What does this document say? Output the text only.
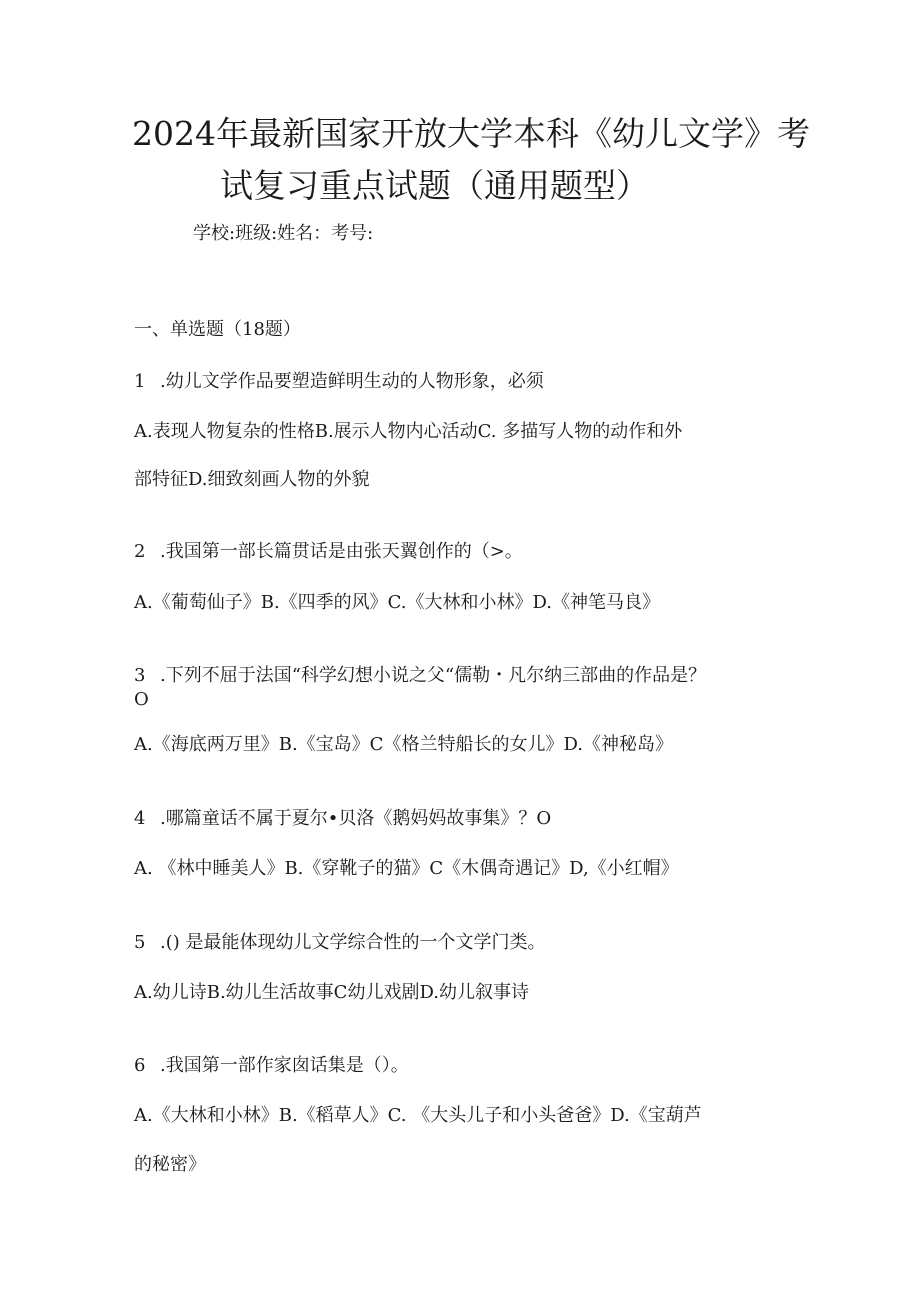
2024年最新国家开放大学本科《幼儿文学》考
试复习重点试题（通用题型）
学校:班级:姓名：考号:
一、单选题（18题）
1 .幼儿文学作品要塑造鲜明生动的人物形象，必须
A.表现人物复杂的性格B.展示人物内心活动C. 多描写人物的动作和外
部特征D.细致刻画人物的外貌
2 .我国第一部长篇贯话是由张天翼创作的（>。
A.《葡萄仙子》B.《四季的风》C.《大林和小林》D.《神笔马良》
3 .下列不屈于法国“科学幻想小说之父“儒勒・凡尔纳三部曲的作品是？
O
A.《海底两万里》B.《宝岛》C《格兰特船长的女儿》D.《神秘岛》
4 .哪篇童话不属于夏尔•贝洛《鹅妈妈故事集》？O
A. 《林中睡美人》B.《穿靴子的猫》C《木偶奇遇记》D,《小红帽》
5 .() 是最能体现幼儿文学综合性的一个文学门类。
A.幼儿诗B.幼儿生活故事C幼儿戏剧D.幼儿叙事诗
6 .我国第一部作家囱话集是（）。
A.《大林和小林》B.《稻草人》C. 《大头儿子和小头爸爸》D.《宝葫芦
的秘密》
